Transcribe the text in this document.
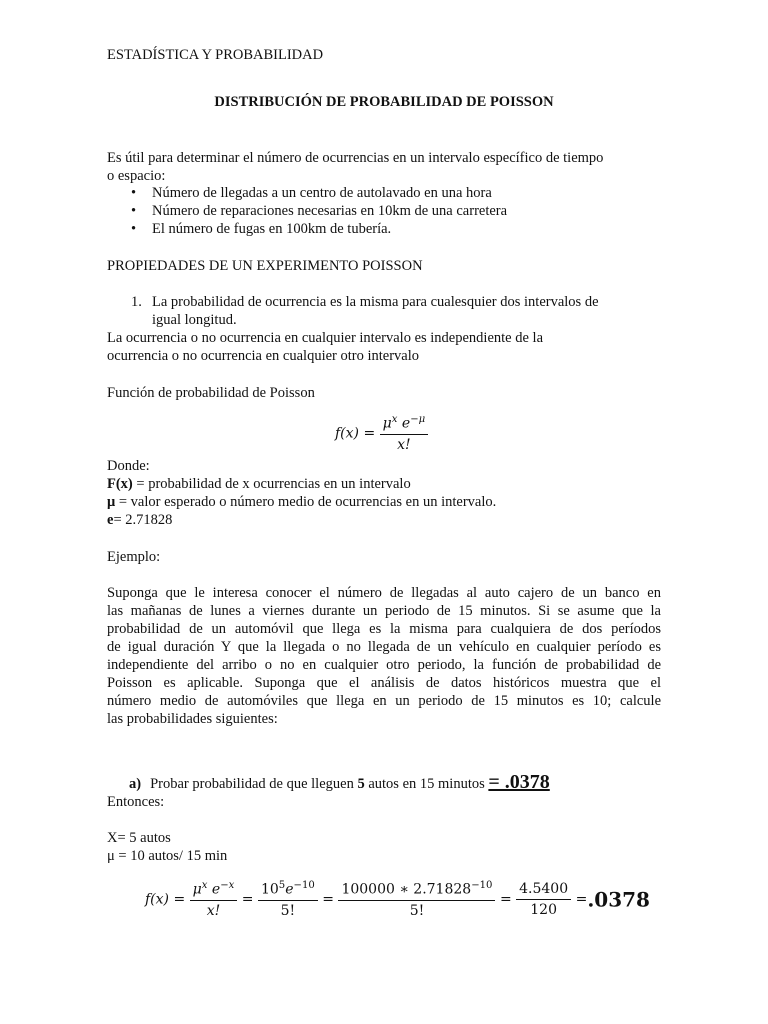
ESTADÍSTICA Y PROBABILIDAD
DISTRIBUCIÓN DE PROBABILIDAD DE POISSON
Es útil para determinar el número de ocurrencias en un intervalo específico de tiempo
o espacio:
• Número de llegadas a un centro de autolavado en una hora
• Número de reparaciones necesarias en 10km de una carretera
• El número de fugas en 100km de tubería.
PROPIEDADES DE UN EXPERIMENTO POISSON
1. La probabilidad de ocurrencia es la misma para cualesquier dos intervalos de
igual longitud.
La ocurrencia o no ocurrencia en cualquier intervalo es independiente de la
ocurrencia o no ocurrencia en cualquier otro intervalo
Función de probabilidad de Poisson
$f(x) = \frac{\mu^x e^{-\mu}}{x!}$
Donde:
F(x) = probabilidad de x ocurrencias en un intervalo
μ = valor esperado o número medio de ocurrencias en un intervalo.
e= 2.71828
Ejemplo:
Suponga que le interesa conocer el número de llegadas al auto cajero de un banco en
las mañanas de lunes a viernes durante un periodo de 15 minutos. Si se asume que la
probabilidad de un automóvil que llega es la misma para cualquiera de dos períodos
de igual duración Y que la llegada o no llegada de un vehículo en cualquier período es
independiente del arribo o no en cualquier otro periodo, la función de probabilidad de
Poisson es aplicable. Suponga que el análisis de datos históricos muestra que el
número medio de automóviles que llega en un periodo de 15 minutos es 10; calcule
las probabilidades siguientes:
a) Probar probabilidad de que lleguen 5 autos en 15 minutos = .0378
Entonces:
X= 5 autos
μ = 10 autos/ 15 min
$f(x) = \frac{\mu^x e^{-x}}{x!} = \frac{10^5e^{-10}}{5!} = \frac{100000 ∗ 2.71828^{-10}}{5!} = \frac{4.5400}{120} =.0378$
